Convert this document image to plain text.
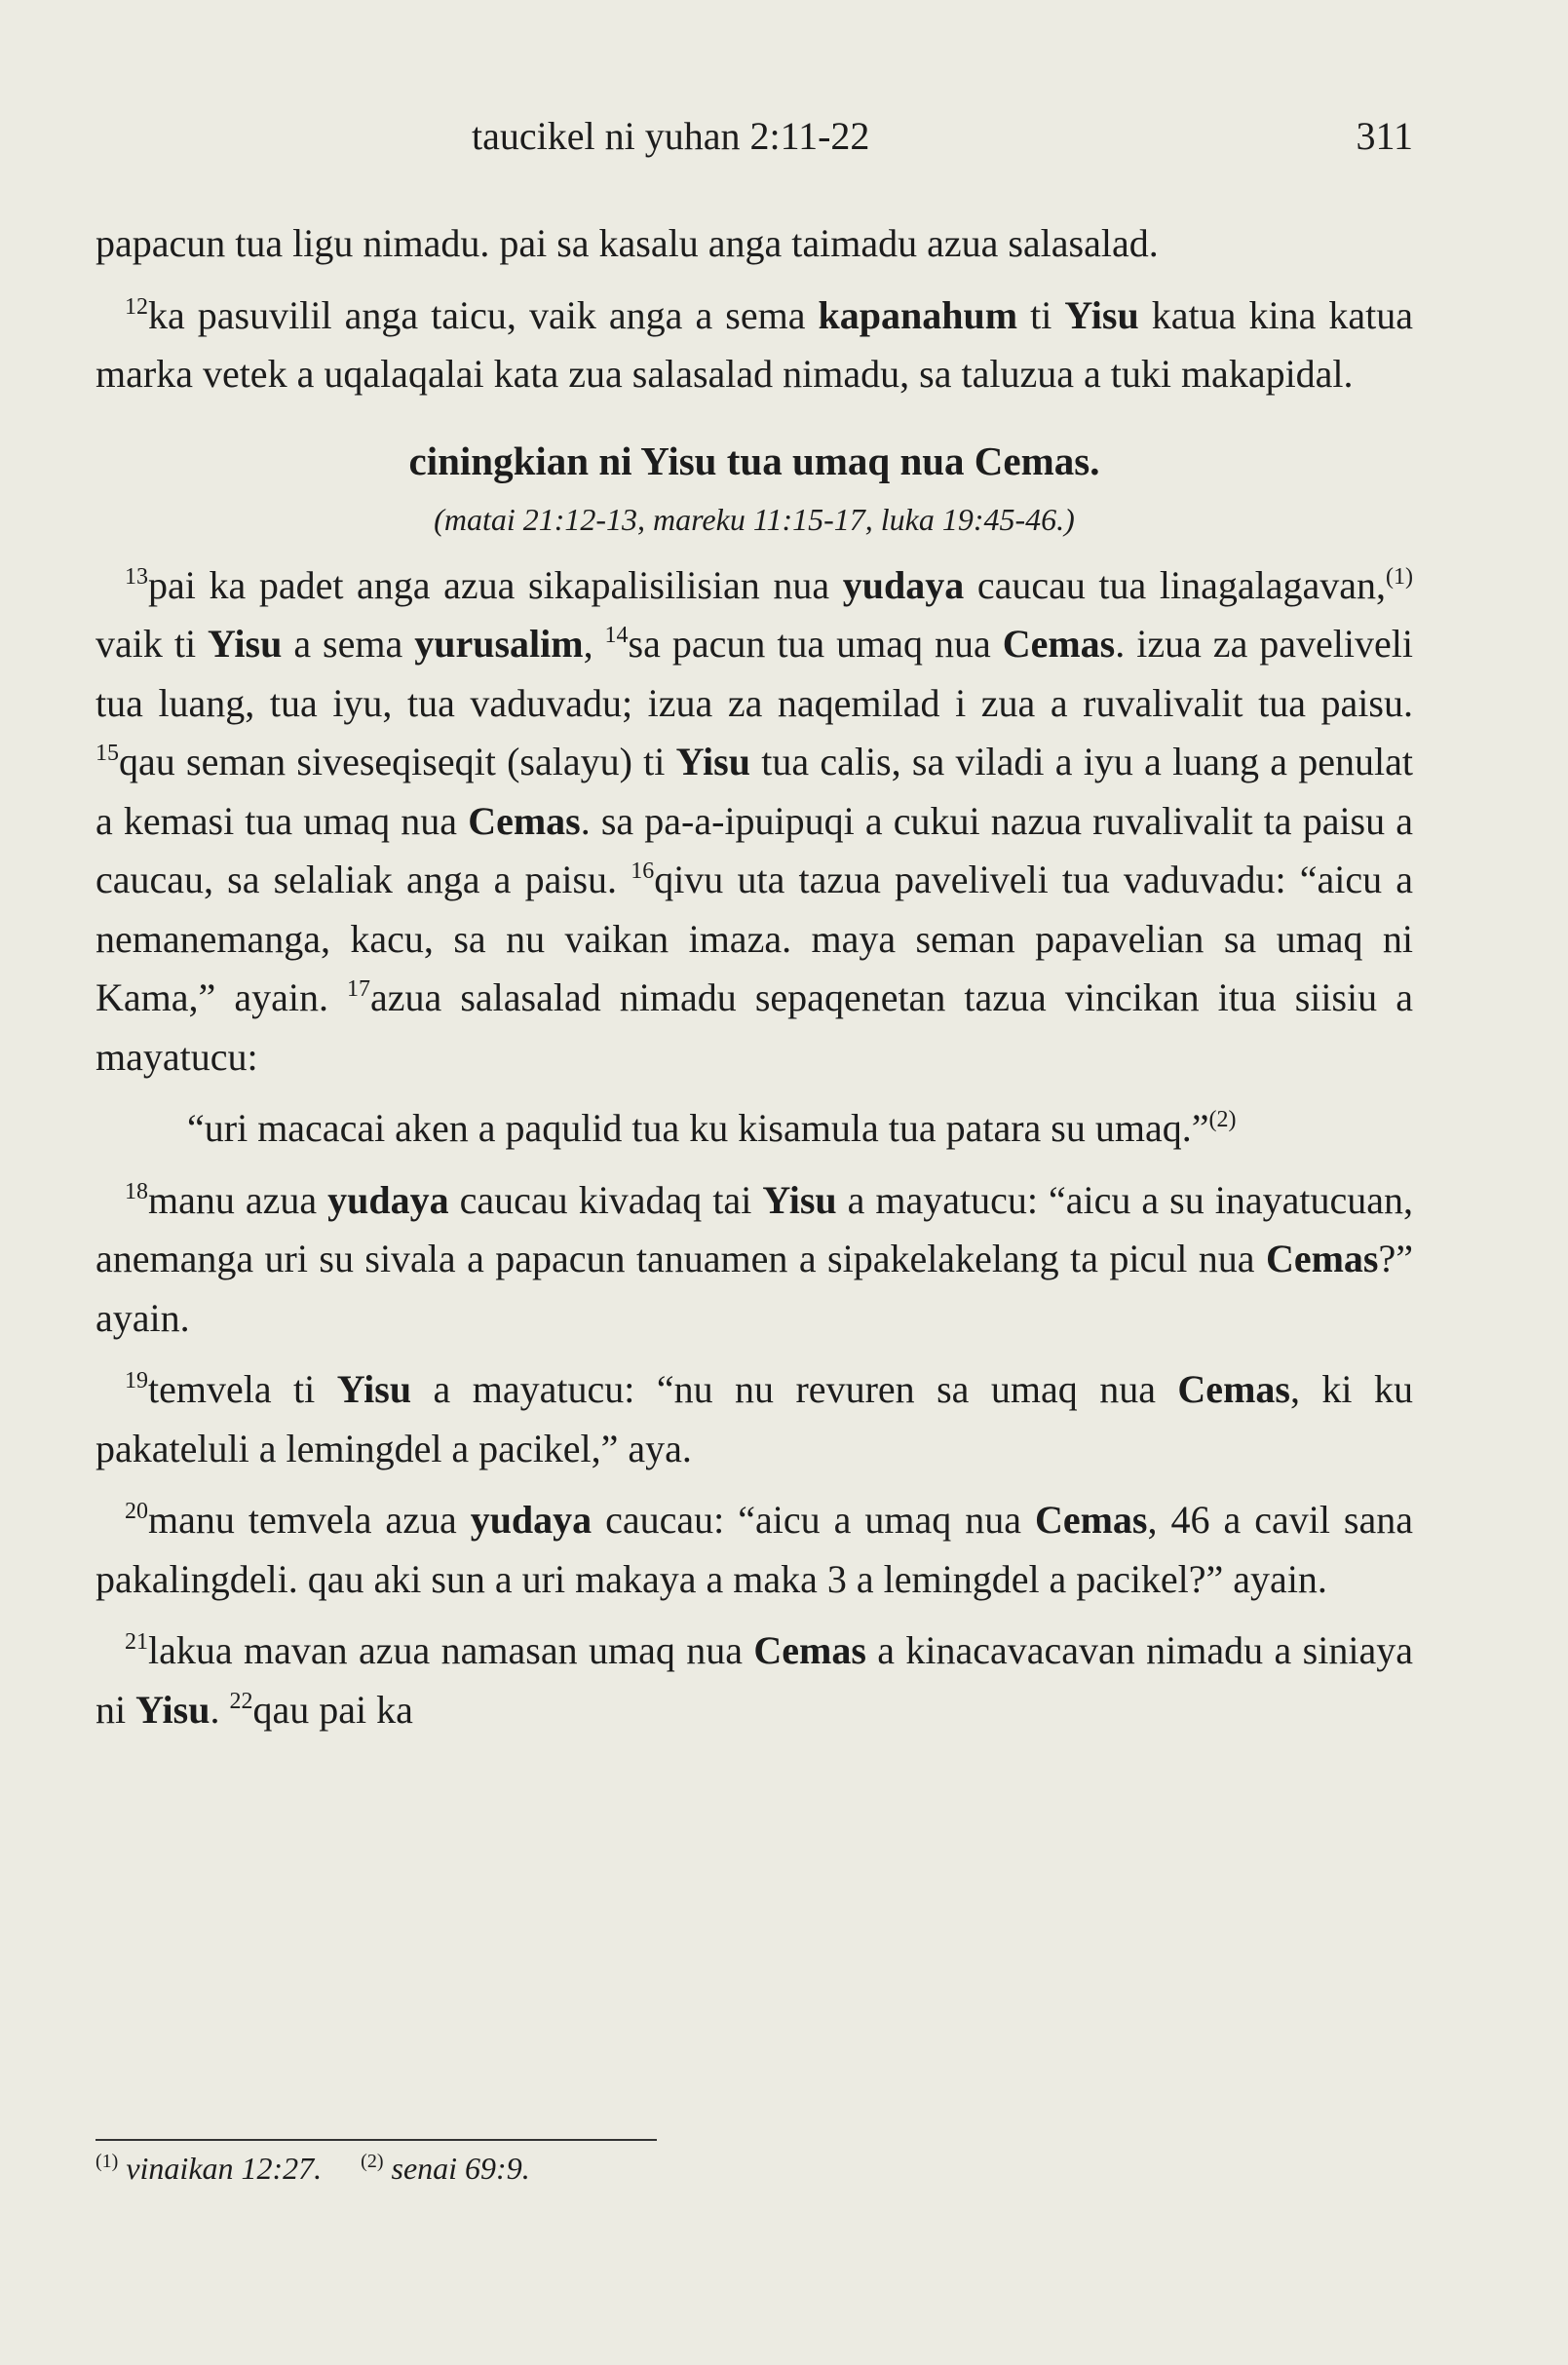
taucikel ni yuhan 2:11-22	311

papacun tua ligu nimadu. pai sa kasalu anga taimadu azua salasalad.

$^{12}$ka pasuvilil anga taicu, vaik anga a sema kapanahum ti Yisu katua kina katua marka vetek a uqalaqalai kata zua salasalad nimadu, sa taluzua a tuki makapidal.

ciningkian ni Yisu tua umaq nua Cemas.
(matai 21:12-13, mareku 11:15-17, luka 19:45-46.)

$^{13}$pai ka padet anga azua sikapalisilisian nua yudaya caucau tua linagalagavan,$^{(1)}$ vaik ti Yisu a sema yurusalim, $^{14}$sa pacun tua umaq nua Cemas. izua za paveliveli tua luang, tua iyu, tua vaduvadu; izua za naqemilad i zua a ruvalivalit tua paisu. $^{15}$qau seman siveseqiseqit (salayu) ti Yisu tua calis, sa viladi a iyu a luang a penulat a kemasi tua umaq nua Cemas. sa pa-a-ipuipuqi a cukui nazua ruvalivalit ta paisu a caucau, sa selaliak anga a paisu. $^{16}$qivu uta tazua paveliveli tua vaduvadu: “aicu a nemanemanga, kacu, sa nu vaikan imaza. maya seman papavelian sa umaq ni Kama,” ayain. $^{17}$azua salasalad nimadu sepaqenetan tazua vincikan itua siisiu a mayatucu:

“uri macacai aken a paqulid tua ku kisamula tua patara su umaq.”$^{(2)}$

$^{18}$manu azua yudaya caucau kivadaq tai Yisu a mayatucu: “aicu a su inayatucuan, anemanga uri su sivala a papacun tanuamen a sipakelakelang ta picul nua Cemas?” ayain.

$^{19}$temvela ti Yisu a mayatucu: “nu nu revuren sa umaq nua Cemas, ki ku pakateluli a lemingdel a pacikel,” aya.

$^{20}$manu temvela azua yudaya caucau: “aicu a umaq nua Cemas, 46 a cavil sana pakalingdeli. qau aki sun a uri makaya a maka 3 a lemingdel a pacikel?” ayain.

$^{21}$lakua mavan azua namasan umaq nua Cemas a kinacavacavan nimadu a siniaya ni Yisu. $^{22}$qau pai ka

$^{(1)}$ vinaikan 12:27. $^{(2)}$ senai 69:9.
